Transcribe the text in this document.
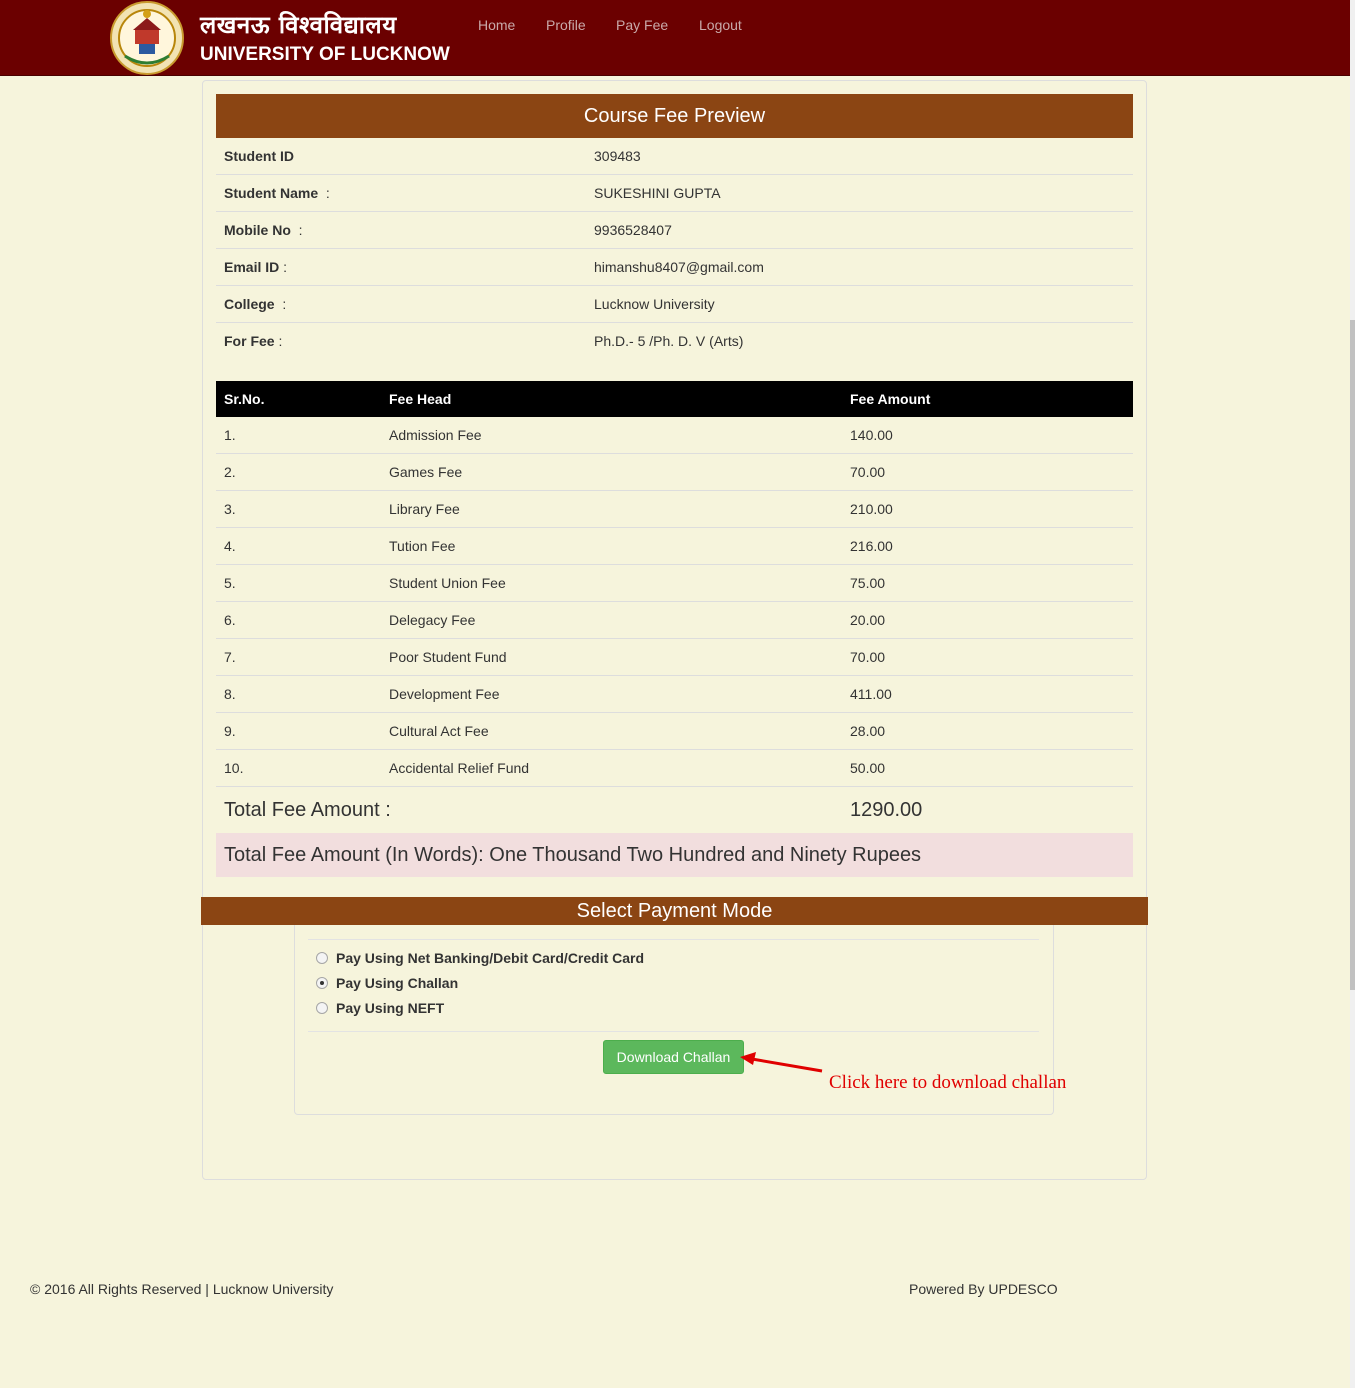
लखनऊ विश्वविद्यालय
UNIVERSITY OF LUCKNOW
Home Profile Pay Fee Logout
Course Fee Preview
Student ID	309483
Student Name  :	SUKESHINI GUPTA
Mobile No  :	9936528407
Email ID :	himanshu8407@gmail.com
College  :	Lucknow University
For Fee :	Ph.D.- 5 /Ph. D. V (Arts)
Sr.No.	Fee Head	Fee Amount
1.	Admission Fee	140.00
2.	Games Fee	70.00
3.	Library Fee	210.00
4.	Tution Fee	216.00
5.	Student Union Fee	75.00
6.	Delegacy Fee	20.00
7.	Poor Student Fund	70.00
8.	Development Fee	411.00
9.	Cultural Act Fee	28.00
10.	Accidental Relief Fund	50.00
Total Fee Amount :	1290.00
Total Fee Amount (In Words): One Thousand Two Hundred and Ninety Rupees
Select Payment Mode
Pay Using Net Banking/Debit Card/Credit Card
Pay Using Challan
Pay Using NEFT
Download Challan
Click here to download challan
© 2016 All Rights Reserved | Lucknow University	Powered By UPDESCO
